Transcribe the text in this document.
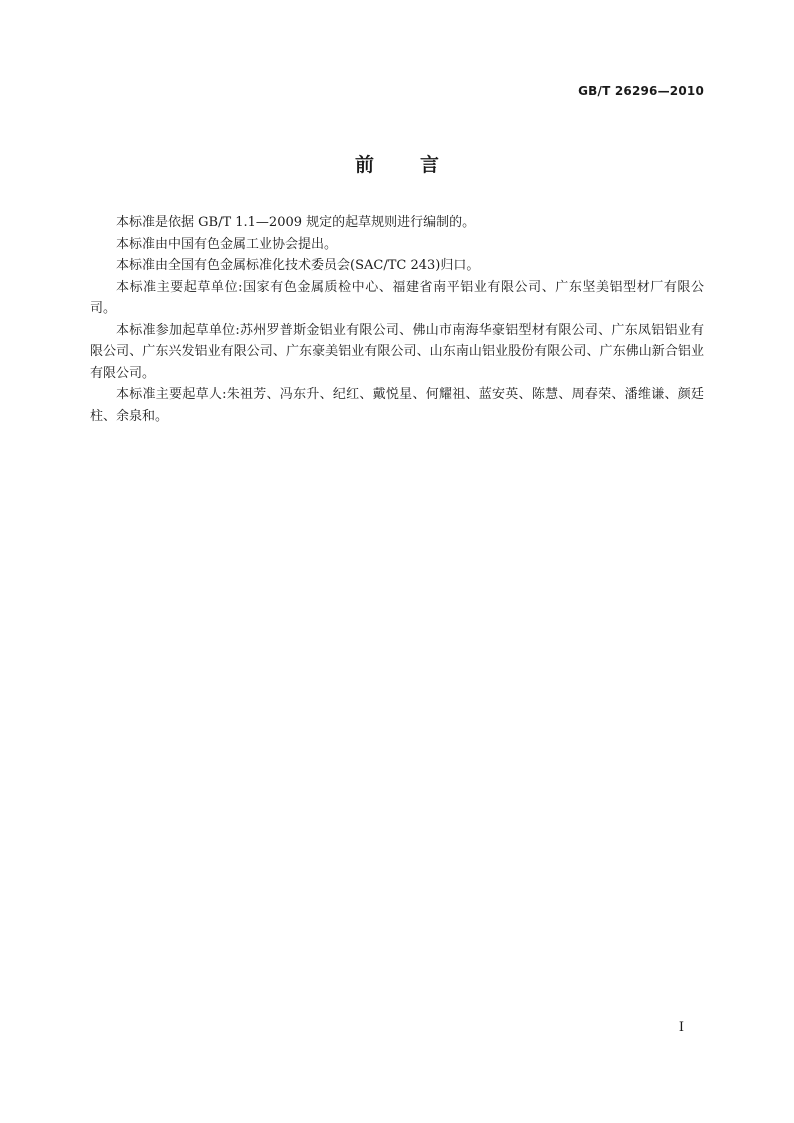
GB/T 26296—2010
前言

本标准是依据 GB/T 1.1—2009 规定的起草规则进行编制的。

本标准由中国有色金属工业协会提出。

本标准由全国有色金属标准化技术委员会(SAC/TC 243)归口。

本标准主要起草单位:国家有色金属质检中心、福建省南平铝业有限公司、广东坚美铝型材厂有限公司。

本标准参加起草单位:苏州罗普斯金铝业有限公司、佛山市南海华豪铝型材有限公司、广东凤铝铝业有限公司、广东兴发铝业有限公司、广东豪美铝业有限公司、山东南山铝业股份有限公司、广东佛山新合铝业有限公司。

本标准主要起草人:朱祖芳、冯东升、纪红、戴悦星、何耀祖、蓝安英、陈慧、周春荣、潘维谦、颜廷柱、余泉和。

I
